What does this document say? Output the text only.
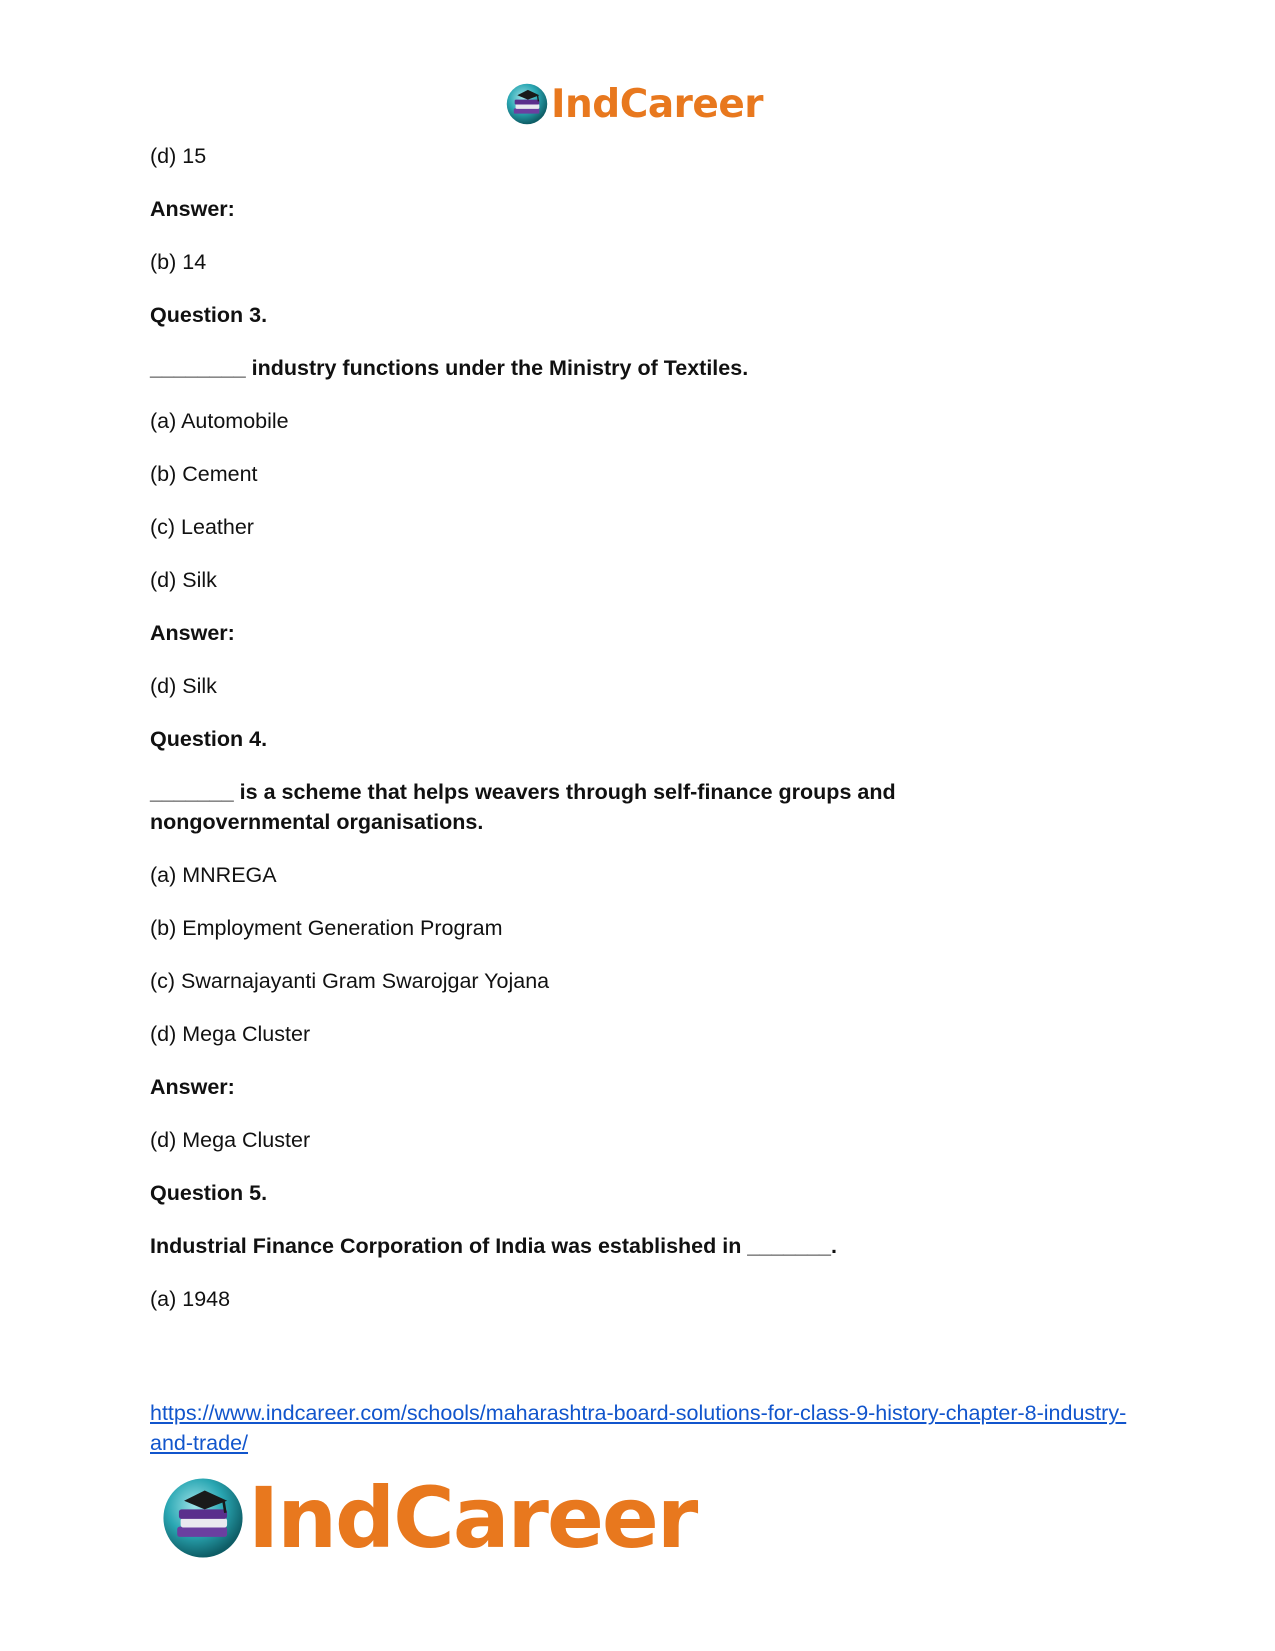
IndCareer
(d) 15
Answer:
(b) 14
Question 3.
________ industry functions under the Ministry of Textiles.
(a) Automobile
(b) Cement
(c) Leather
(d) Silk
Answer:
(d) Silk
Question 4.
_______ is a scheme that helps weavers through self-finance groups and
nongovernmental organisations.
(a) MNREGA
(b) Employment Generation Program
(c) Swarnajayanti Gram Swarojgar Yojana
(d) Mega Cluster
Answer:
(d) Mega Cluster
Question 5.
Industrial Finance Corporation of India was established in _______.
(a) 1948
https://www.indcareer.com/schools/maharashtra-board-solutions-for-class-9-history-chapter-8-industry-and-trade/
IndCareer
